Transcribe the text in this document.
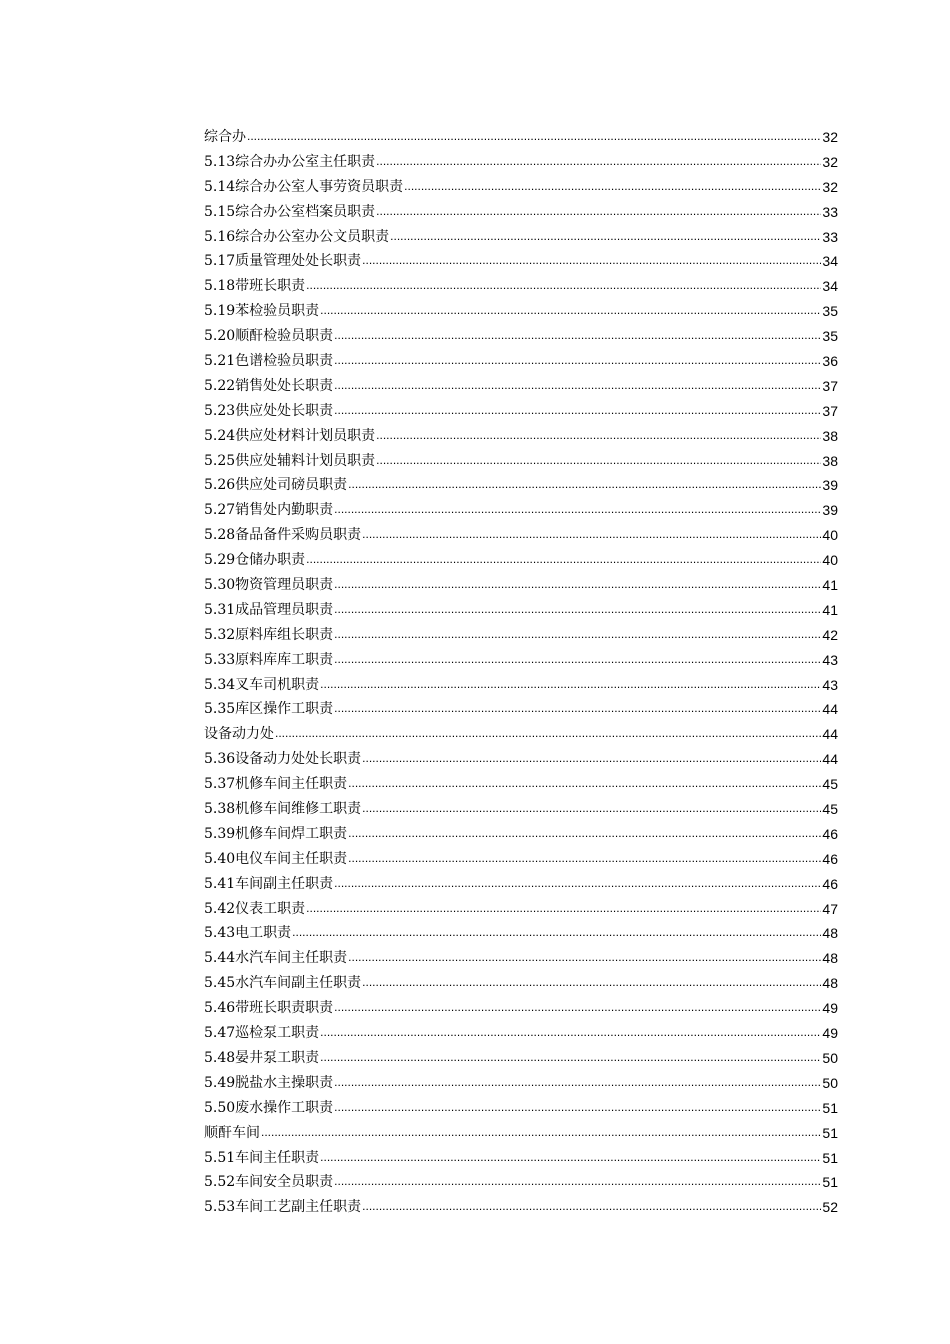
综合办 .....	32
5.13综合办办公室主任职责 .....	32
5.14综合办公室人事劳资员职责 .....	32
5.15综合办公室档案员职责 .....	33
5.16综合办公室办公文员职责 .....	33
5.17质量管理处处长职责 .....	34
5.18带班长职责 .....	34
5.19苯检验员职责 .....	35
5.20顺酐检验员职责 .....	35
5.21色谱检验员职责 .....	36
5.22销售处处长职责 .....	37
5.23供应处处长职责 .....	37
5.24供应处材料计划员职责 .....	38
5.25供应处辅料计划员职责 .....	38
5.26供应处司磅员职责 .....	39
5.27销售处内勤职责 .....	39
5.28备品备件采购员职责 .....	40
5.29仓储办职责 .....	40
5.30物资管理员职责 .....	41
5.31成品管理员职责 .....	41
5.32原料库组长职责 .....	42
5.33原料库库工职责 .....	43
5.34叉车司机职责 .....	43
5.35库区操作工职责 .....	44
设备动力处 .....	44
5.36设备动力处处长职责 .....	44
5.37机修车间主任职责 .....	45
5.38机修车间维修工职责 .....	45
5.39机修车间焊工职责 .....	46
5.40电仪车间主任职责 .....	46
5.41车间副主任职责 .....	46
5.42仪表工职责 .....	47
5.43电工职责 .....	48
5.44水汽车间主任职责 .....	48
5.45水汽车间副主任职责 .....	48
5.46带班长职责职责 .....	49
5.47巡检泵工职责 .....	49
5.48晏井泵工职责 .....	50
5.49脱盐水主操职责 .....	50
5.50废水操作工职责 .....	51
顺酐车间 .....	51
5.51车间主任职责 .....	51
5.52车间安全员职责 .....	51
5.53车间工艺副主任职责 .....	52
